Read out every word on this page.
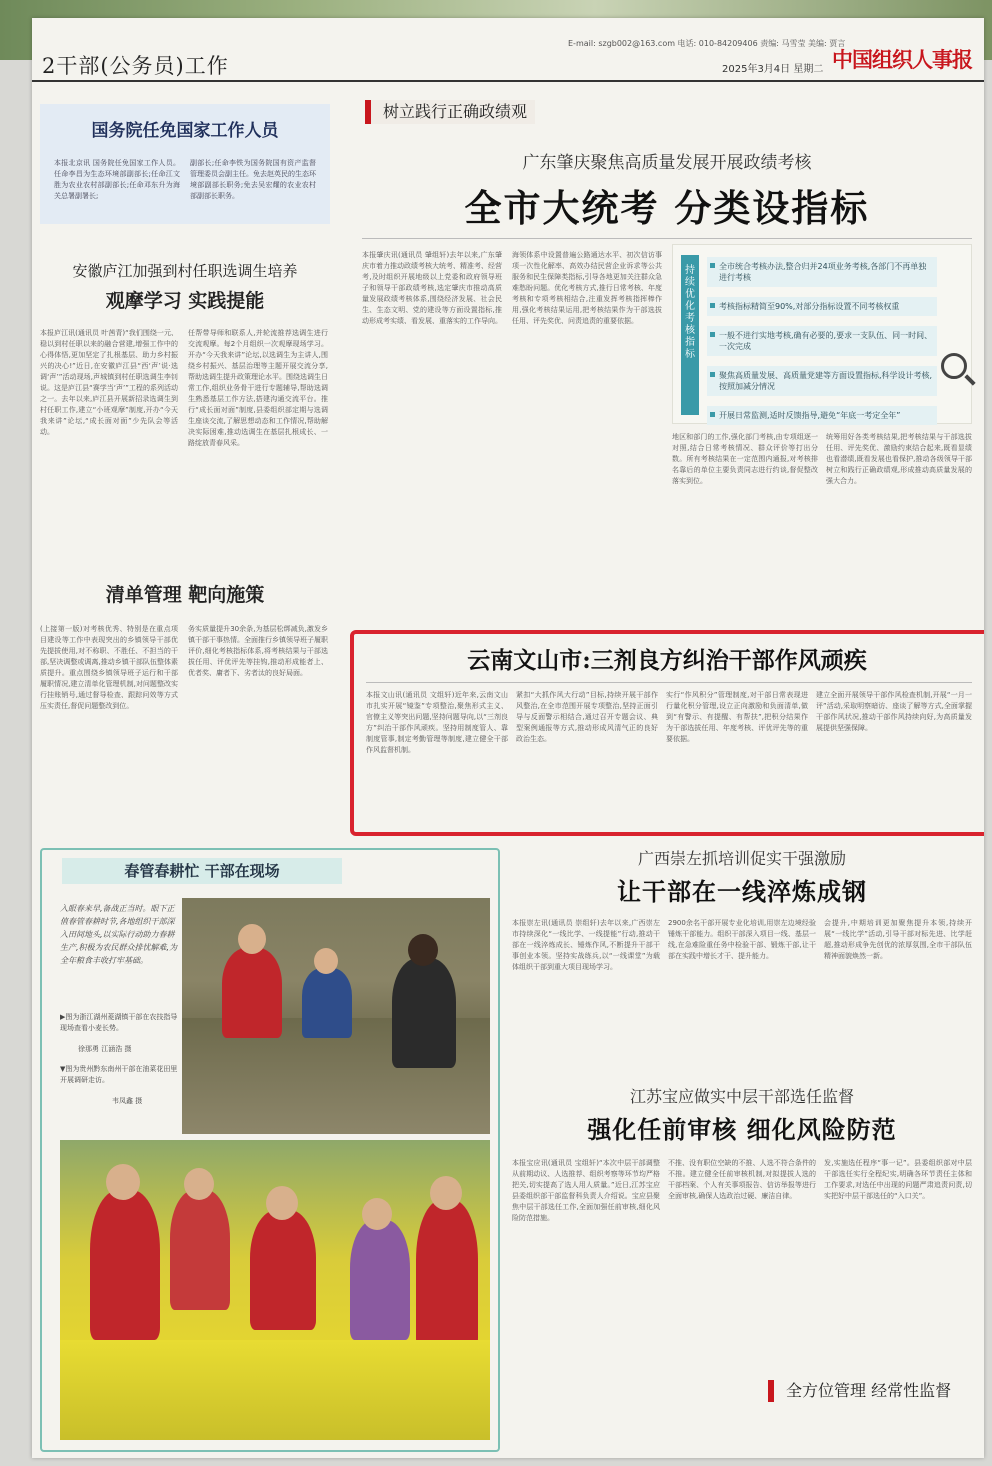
2干部(公务员)工作
E-mail: szgb002@163.com 电话: 010-84209406 责编: 马雪莹 美编: 贾言
2025年3月4日 星期二 中国组织人事报
国务院任免国家工作人员
本报北京讯 国务院任免国家工作人员。任命李昌为生态环境部副部长;任命江文胜为农业农村部副部长;任命邓东升为海关总署副署长;
副部长;任命李铁为国务院国有资产监督管理委员会副主任。免去赵英民的生态环境部副部长职务;免去吴宏耀的农业农村部副部长职务。
安徽庐江加强到村任职选调生培养
观摩学习 实践提能
本报庐江讯(通讯员 叶茜青)“我们围绕一元、稳以到村任职以来的融合营建,增强工作中的心得体悟,更加坚定了扎根基层、助力乡村振兴的决心!”近日,在安徽庐江县“西‘声’说·选调‘声’”活动现场,声城镇到村任职选调生李钊说。这是庐江县“赛学当‘声’”工程的系列活动之一。去年以来,庐江县开展新招录选调生到村任职工作,建立“小班观摩”制度,开办“今天我来讲”论坛,“成长面对面”少先队会等活动。
任帮带导师和联系人,并轮流推荐选调生进行交流观摩。每2个月组织一次观摩现场学习。开办“今天我来讲”论坛,以选调生为主讲人,围绕乡村振兴、基层治理等主题开展交流分享,帮助选调生提升政策理论水平。围绕选调生日常工作,组织业务骨干进行专题辅导,帮助选调生熟悉基层工作方法,搭建沟通交流平台。推行“成长面对面”制度,县委组织部定期与选调生座谈交流,了解思想动态和工作情况,帮助解决实际困难,推动选调生在基层扎根成长、一路绽放青春风采。
清单管理 靶向施策
(上接第一版)对考核优秀、特别是在重点项目建设等工作中表现突出的乡镇领导干部优先提拔使用,对不称职、不胜任、不担当的干部,坚决调整或调离,推动乡镇干部队伍整体素质提升。重点围绕乡镇领导班子运行和干部履职情况,建立清单化管理机制,对问题整改实行挂账销号,通过督导检查、跟踪问效等方式压实责任,督促问题整改到位。
务实质量提升30余条,为基层松绑减负,激发乡镇干部干事热情。全面推行乡镇领导班子履职评价,细化考核指标体系,将考核结果与干部选拔任用、评优评先等挂钩,推动形成能者上、优者奖、庸者下、劣者汰的良好局面。
树立践行正确政绩观
广东肇庆聚焦高质量发展开展政绩考核
全市大统考 分类设指标
本报肇庆讯(通讯员 肇组轩)去年以来,广东肇庆市着力推动政绩考核大统考、精准考、经营考,及时组织开展地级以上党委和政府领导班子和领导干部政绩考核,选定肇庆市推动高质量发展政绩考核体系,围绕经济发展、社会民生、生态文明、党的建设等方面设置指标,推动形成考实绩、看发展、重落实的工作导向。
海领体系中设置普遍公路通达水平、初次信访事项一次性化解率、高效办结民营企业诉求等公共服务和民生保障类指标,引导各地更加关注群众急难愁盼问题。优化考核方式,推行日常考核、年度考核和专项考核相结合,注重发挥考核指挥棒作用,强化考核结果运用,把考核结果作为干部选拔任用、评先奖优、问责追责的重要依据。
持续优化 考核指标
全市统合考核办法,整合归并24项业务考核,各部门不再单独进行考核
考核指标精简至90%,对部分指标设置不同考核权重
一般不进行实地考核,确有必要的,要求一支队伍、同一时间、一次完成
聚焦高质量发展、高质量党建等方面设置指标,科学设计考核,按照加减分情况
开展日常监测,适时反馈指导,避免“年底一考定全年”
地区和部门的工作,强化部门考核,由专项组逐一对照,结合日常考核情况、群众评价等打出分数。所有考核结果在一定范围内通报,对考核排名靠后的单位主要负责同志进行约谈,督促整改落实到位。
统筹用好各类考核结果,把考核结果与干部选拔任用、评先奖优、激励约束结合起来,既看显绩也看潜绩,既看发展也看保护,推动各级领导干部树立和践行正确政绩观,形成推动高质量发展的强大合力。
云南文山市:三剂良方纠治干部作风顽疾
本报文山讯(通讯员 文组轩)近年来,云南文山市扎实开展“镜鉴”专项整治,聚焦形式主义、官僚主义等突出问题,坚持问题导向,以“三剂良方”纠治干部作风顽疾。坚持用制度管人、靠制度管事,制定考勤管理等制度,建立健全干部作风监督机制。
紧扣“大抓作风大行动”目标,持续开展干部作风整治,在全市范围开展专项整治,坚持正面引导与反面警示相结合,通过召开专题会议、典型案例通报等方式,推动形成风清气正的良好政治生态。
实行“作风积分”管理制度,对干部日常表现进行量化积分管理,设立正向激励和负面清单,做到“有警示、有提醒、有帮扶”,把积分结果作为干部选拔任用、年度考核、评优评先等的重要依据。
建立全面开展领导干部作风检查机制,开展“一月一评”活动,采取明察暗访、座谈了解等方式,全面掌握干部作风状况,推动干部作风持续向好,为高质量发展提供坚强保障。
春管春耕忙 干部在现场
入眼春来早,备战正当时。眼下正值春管春耕时节,各地组织干部深入田间地头,以实际行动助力春耕生产,积极为农民群众排忧解难,为全年粮食丰收打牢基础。
▶图为浙江湖州菱湖镇干部在农技指导现场查看小麦长势。
徐那勇 江涵浩 摄
▼图为贵州黔东南州干部在油菜花田里开展调研走访。
韦凤鑫 摄
广西崇左抓培训促实干强激励
让干部在一线淬炼成钢
本报崇左讯(通讯员 崇组轩)去年以来,广西崇左市持续深化“一线比学、一线提能”行动,推动干部在一线淬炼成长、锤炼作风,不断提升干部干事创业本领。坚持实战练兵,以“一线课堂”为载体组织干部到重大项目现场学习。
2900余名干部开展专业化培训,用崇左边境经验锤炼干部能力。组织干部深入项目一线、基层一线,在急难险重任务中检验干部、锻炼干部,让干部在实践中增长才干、提升能力。
会提升,中期培训更加聚焦提升本领,持续开展“一线比学”活动,引导干部对标先进、比学赶超,推动形成争先创优的浓厚氛围,全市干部队伍精神面貌焕然一新。
江苏宝应做实中层干部选任监督
强化任前审核 细化风险防范
本报宝应讯(通讯员 宝组轩)“本次中层干部调整从前期动议、人选推荐、组织考察等环节均严格把关,切实提高了选人用人质量。”近日,江苏宝应县委组织部干部监督科负责人介绍说。宝应县聚焦中层干部选任工作,全面加强任前审核,细化风险防范措施。
不推、没有职位空缺的不推、人选不符合条件的不推。建立健全任前审核机制,对拟提拔人选的干部档案、个人有关事项报告、信访举报等进行全面审核,确保人选政治过硬、廉洁自律。
发,实施选任程序“事一记”。县委组织部对中层干部选任实行全程纪实,明确各环节责任主体和工作要求,对选任中出现的问题严肃追责问责,切实把好中层干部选任的“入口关”。
全方位管理 经常性监督
